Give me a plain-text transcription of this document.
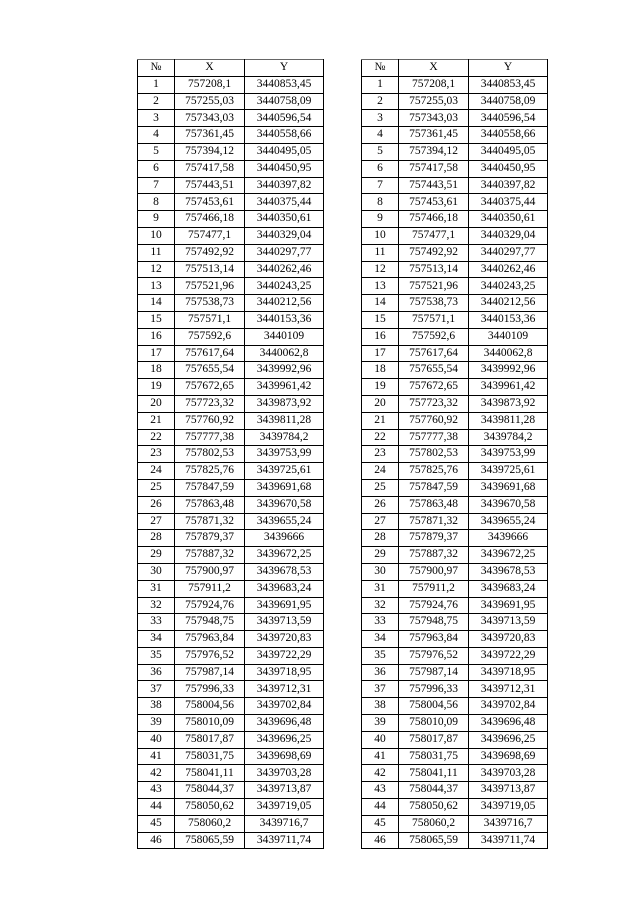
№	X	Y
1	757208,1	3440853,45
2	757255,03	3440758,09
3	757343,03	3440596,54
4	757361,45	3440558,66
5	757394,12	3440495,05
6	757417,58	3440450,95
7	757443,51	3440397,82
8	757453,61	3440375,44
9	757466,18	3440350,61
10	757477,1	3440329,04
11	757492,92	3440297,77
12	757513,14	3440262,46
13	757521,96	3440243,25
14	757538,73	3440212,56
15	757571,1	3440153,36
16	757592,6	3440109
17	757617,64	3440062,8
18	757655,54	3439992,96
19	757672,65	3439961,42
20	757723,32	3439873,92
21	757760,92	3439811,28
22	757777,38	3439784,2
23	757802,53	3439753,99
24	757825,76	3439725,61
25	757847,59	3439691,68
26	757863,48	3439670,58
27	757871,32	3439655,24
28	757879,37	3439666
29	757887,32	3439672,25
30	757900,97	3439678,53
31	757911,2	3439683,24
32	757924,76	3439691,95
33	757948,75	3439713,59
34	757963,84	3439720,83
35	757976,52	3439722,29
36	757987,14	3439718,95
37	757996,33	3439712,31
38	758004,56	3439702,84
39	758010,09	3439696,48
40	758017,87	3439696,25
41	758031,75	3439698,69
42	758041,11	3439703,28
43	758044,37	3439713,87
44	758050,62	3439719,05
45	758060,2	3439716,7
46	758065,59	3439711,74
№	X	Y
1	757208,1	3440853,45
2	757255,03	3440758,09
3	757343,03	3440596,54
4	757361,45	3440558,66
5	757394,12	3440495,05
6	757417,58	3440450,95
7	757443,51	3440397,82
8	757453,61	3440375,44
9	757466,18	3440350,61
10	757477,1	3440329,04
11	757492,92	3440297,77
12	757513,14	3440262,46
13	757521,96	3440243,25
14	757538,73	3440212,56
15	757571,1	3440153,36
16	757592,6	3440109
17	757617,64	3440062,8
18	757655,54	3439992,96
19	757672,65	3439961,42
20	757723,32	3439873,92
21	757760,92	3439811,28
22	757777,38	3439784,2
23	757802,53	3439753,99
24	757825,76	3439725,61
25	757847,59	3439691,68
26	757863,48	3439670,58
27	757871,32	3439655,24
28	757879,37	3439666
29	757887,32	3439672,25
30	757900,97	3439678,53
31	757911,2	3439683,24
32	757924,76	3439691,95
33	757948,75	3439713,59
34	757963,84	3439720,83
35	757976,52	3439722,29
36	757987,14	3439718,95
37	757996,33	3439712,31
38	758004,56	3439702,84
39	758010,09	3439696,48
40	758017,87	3439696,25
41	758031,75	3439698,69
42	758041,11	3439703,28
43	758044,37	3439713,87
44	758050,62	3439719,05
45	758060,2	3439716,7
46	758065,59	3439711,74
